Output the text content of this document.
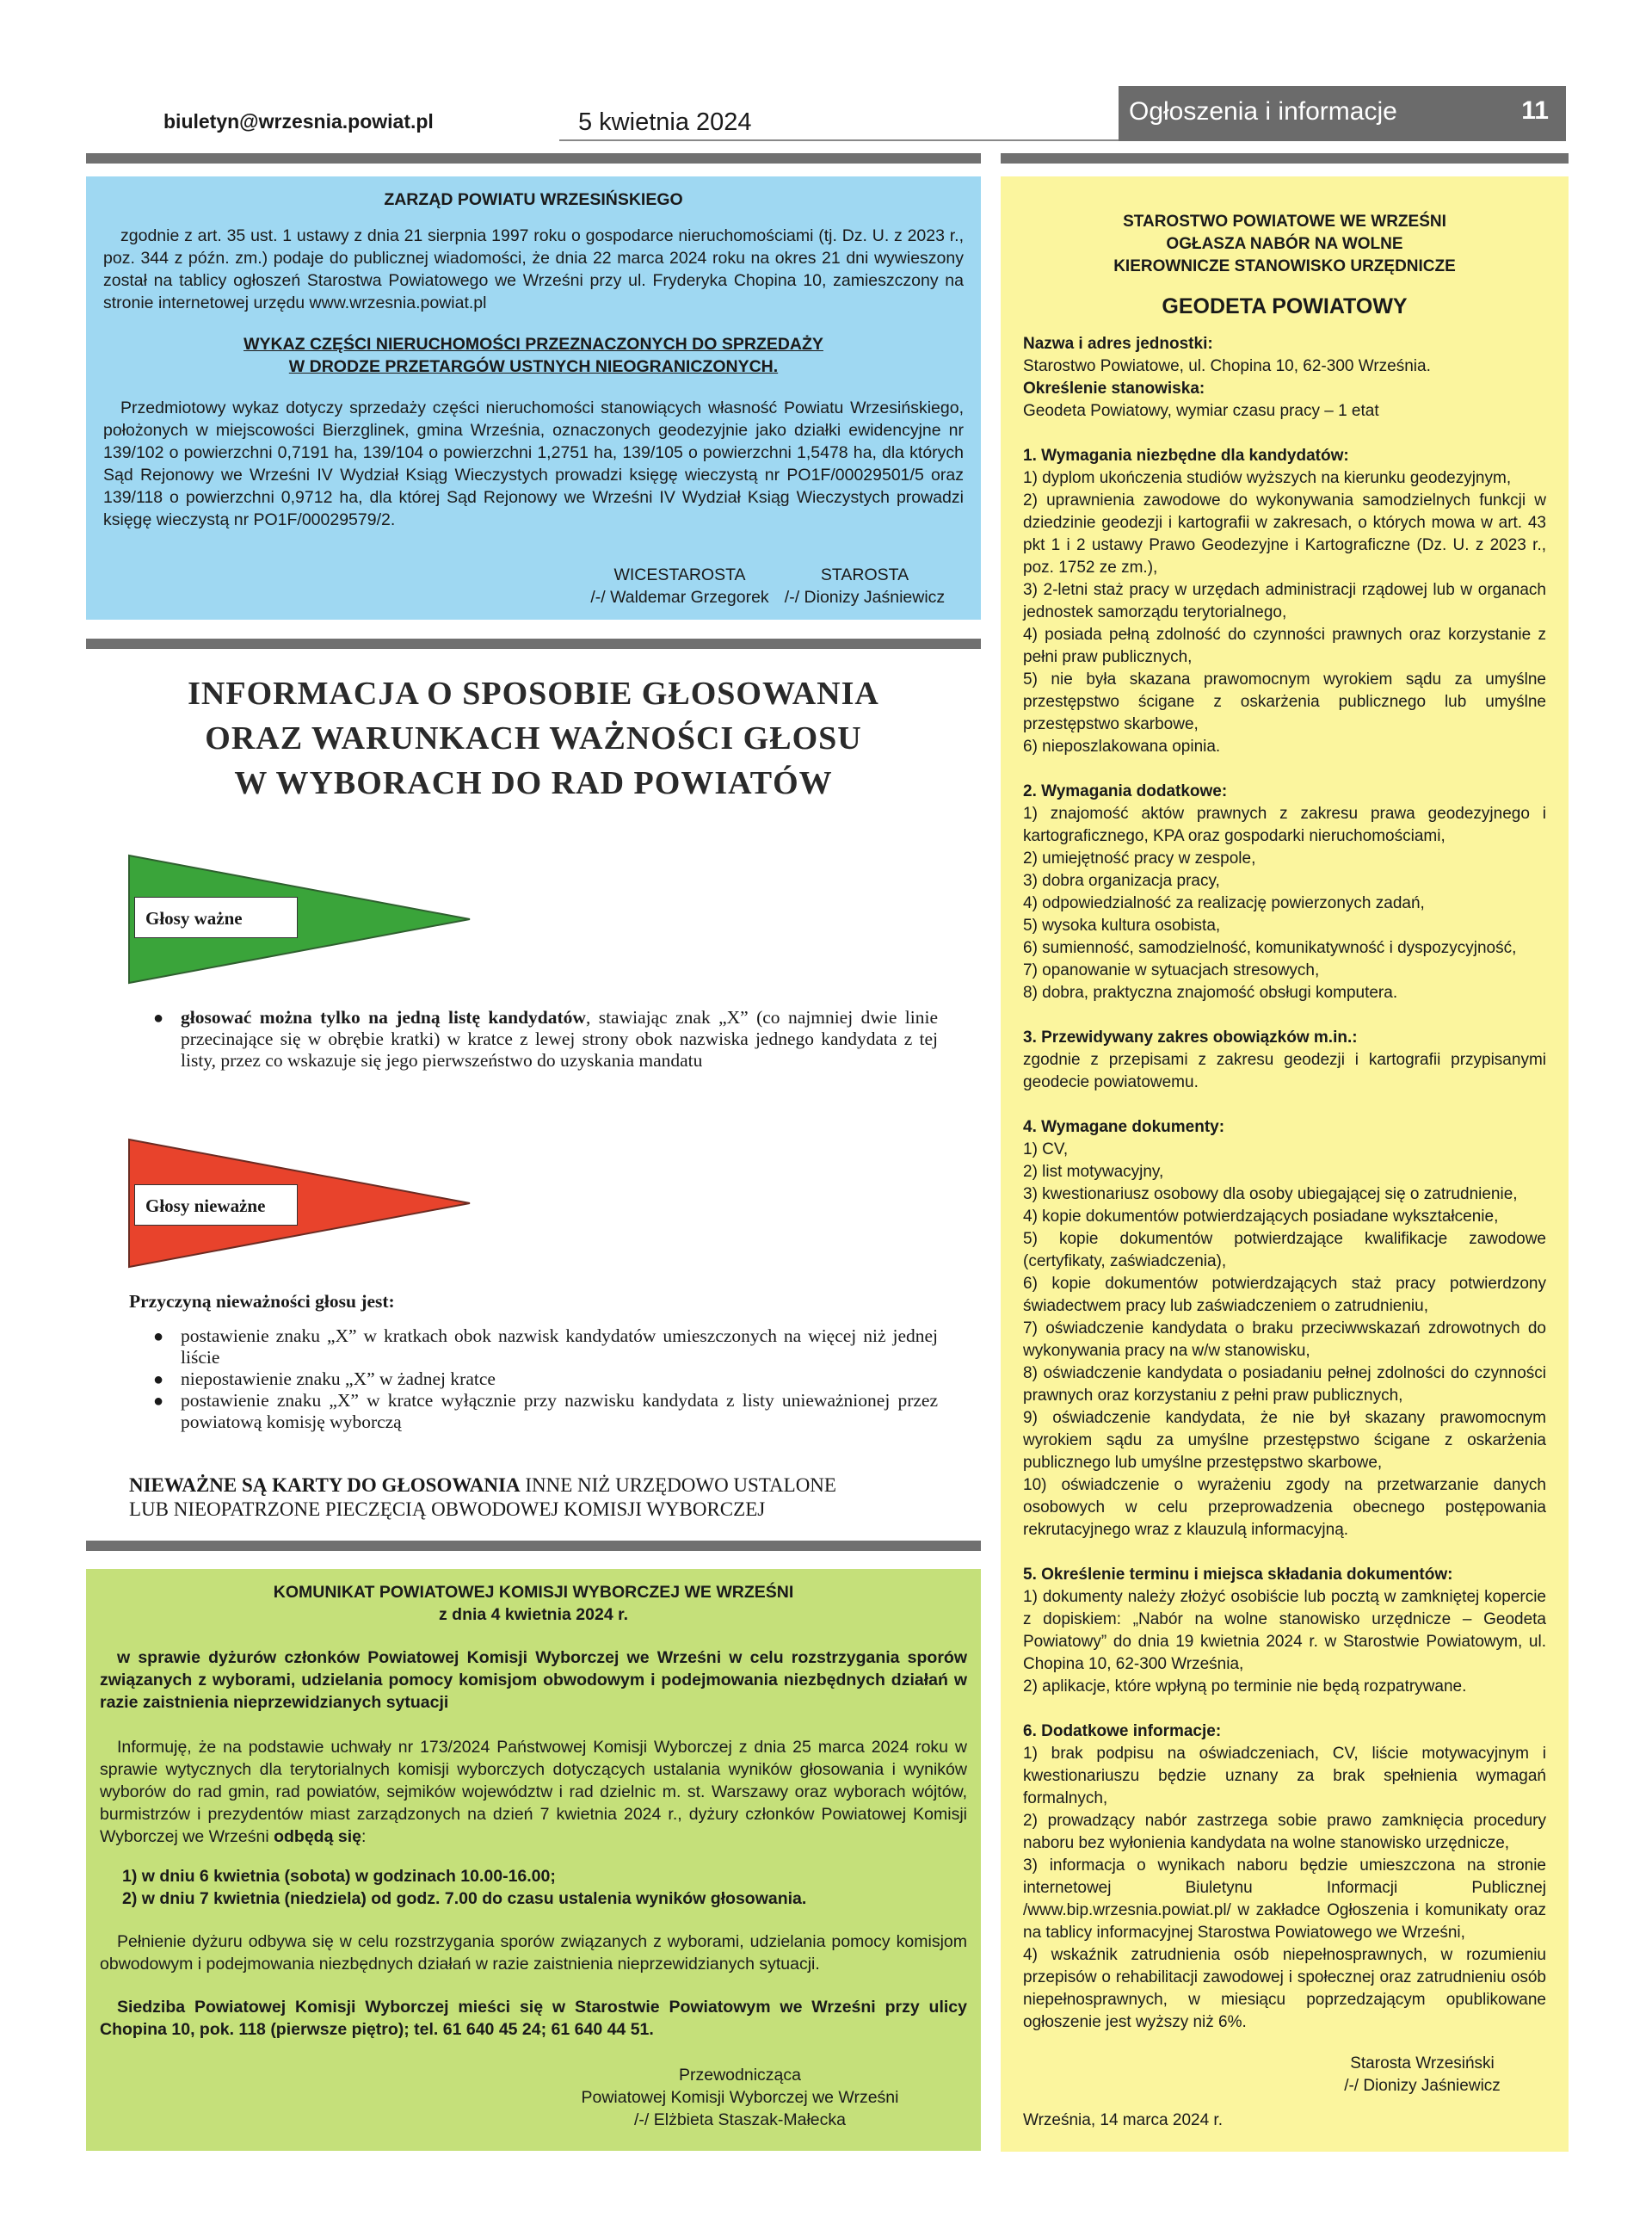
biuletyn@wrzesnia.powiat.pl	5 kwietnia 2024	Ogłoszenia i informacje	11

ZARZĄD POWIATU WRZESIŃSKIEGO

zgodnie z art. 35 ust. 1 ustawy z dnia 21 sierpnia 1997 roku o gospodarce nieruchomościami (tj. Dz. U. z 2023 r., poz. 344 z późn. zm.) podaje do publicznej wiadomości, że dnia 22 marca 2024 roku na okres 21 dni wywieszony został na tablicy ogłoszeń Starostwa Powiatowego we Wrześni przy ul. Fryderyka Chopina 10, zamieszczony na stronie internetowej urzędu www.wrzesnia.powiat.pl

WYKAZ CZĘŚCI NIERUCHOMOŚCI PRZEZNACZONYCH DO SPRZEDAŻY

W DRODZE PRZETARGÓW USTNYCH NIEOGRANICZONYCH.

Przedmiotowy wykaz dotyczy sprzedaży części nieruchomości stanowiących własność Powiatu Wrzesińskiego, położonych w miejscowości Bierzglinek, gmina Września, oznaczonych geodezyjnie jako działki ewidencyjne nr 139/102 o powierzchni 0,7191 ha, 139/104 o powierzchni 1,2751 ha, 139/105 o powierzchni 1,5478 ha, dla których Sąd Rejonowy we Wrześni IV Wydział Ksiąg Wieczystych prowadzi księgę wieczystą nr PO1F/00029501/5 oraz 139/118 o powierzchni 0,9712 ha, dla której Sąd Rejonowy we Wrześni IV Wydział Ksiąg Wieczystych prowadzi księgę wieczystą nr PO1F/00029579/2.

WICESTAROSTA

/-/ Waldemar Grzegorek

STAROSTA

/-/ Dionizy Jaśniewicz

INFORMACJA O SPOSOBIE GŁOSOWANIA
ORAZ WARUNKACH WAŻNOŚCI GŁOSU
W WYBORACH DO RAD POWIATÓW
Głosy ważne
● głosować można tylko na jedną listę kandydatów, stawiając znak „X” (co najmniej dwie linie przecinające się w obrębie kratki) w kratce z lewej strony obok nazwiska jednego kandydata z tej listy, przez co wskazuje się jego pierwszeństwo do uzyskania mandatu
Głosy nieważne
Przyczyną nieważności głosu jest:
● postawienie znaku „X” w kratkach obok nazwisk kandydatów umieszczonych na więcej niż jednej liście
● niepostawienie znaku „X” w żadnej kratce
● postawienie znaku „X” w kratce wyłącznie przy nazwisku kandydata z listy unieważnionej przez powiatową komisję wyborczą
NIEWAŻNE SĄ KARTY DO GŁOSOWANIA INNE NIŻ URZĘDOWO USTALONE
LUB NIEOPATRZONE PIECZĘCIĄ OBWODOWEJ KOMISJI WYBORCZEJ

KOMUNIKAT POWIATOWEJ KOMISJI WYBORCZEJ WE WRZEŚNI

z dnia 4 kwietnia 2024 r.

w sprawie dyżurów członków Powiatowej Komisji Wyborczej we Wrześni w celu rozstrzygania sporów związanych z wyborami, udzielania pomocy komisjom obwodowym i podejmowania niezbędnych działań w razie zaistnienia nieprzewidzianych sytuacji

Informuję, że na podstawie uchwały nr 173/2024 Państwowej Komisji Wyborczej z dnia 25 marca 2024 roku w sprawie wytycznych dla terytorialnych komisji wyborczych dotyczących ustalania wyników głosowania i wyników wyborów do rad gmin, rad powiatów, sejmików województw i rad dzielnic m. st. Warszawy oraz wyborach wójtów, burmistrzów i prezydentów miast zarządzonych na dzień 7 kwietnia 2024 r., dyżury członków Powiatowej Komisji Wyborczej we Wrześni odbędą się:

1) w dniu 6 kwietnia (sobota) w godzinach 10.00-16.00;

2) w dniu 7 kwietnia (niedziela) od godz. 7.00 do czasu ustalenia wyników głosowania.

Pełnienie dyżuru odbywa się w celu rozstrzygania sporów związanych z wyborami, udzielania pomocy komisjom obwodowym i podejmowania niezbędnych działań w razie zaistnienia nieprzewidzianych sytuacji.

Siedziba Powiatowej Komisji Wyborczej mieści się w Starostwie Powiatowym we Wrześni przy ulicy Chopina 10, pok. 118 (pierwsze piętro); tel. 61 640 45 24; 61 640 44 51.

Przewodnicząca

Powiatowej Komisji Wyborczej we Wrześni

/-/ Elżbieta Staszak-Małecka

STAROSTWO POWIATOWE WE WRZEŚNI

OGŁASZA NABÓR NA WOLNE

KIEROWNICZE STANOWISKO URZĘDNICZE

GEODETA POWIATOWY

Nazwa i adres jednostki:

Starostwo Powiatowe, ul. Chopina 10, 62-300 Września.

Określenie stanowiska:

Geodeta Powiatowy, wymiar czasu pracy – 1 etat

1. Wymagania niezbędne dla kandydatów:

1) dyplom ukończenia studiów wyższych na kierunku geodezyjnym,

2) uprawnienia zawodowe do wykonywania samodzielnych funkcji w dziedzinie geodezji i kartografii w zakresach, o których mowa w art. 43 pkt 1 i 2 ustawy Prawo Geodezyjne i Kartograficzne (Dz. U. z 2023 r., poz. 1752 ze zm.),

3) 2-letni staż pracy w urzędach administracji rządowej lub w organach jednostek samorządu terytorialnego,

4) posiada pełną zdolność do czynności prawnych oraz korzystanie z pełni praw publicznych,

5) nie była skazana prawomocnym wyrokiem sądu za umyślne przestępstwo ścigane z oskarżenia publicznego lub umyślne przestępstwo skarbowe,

6) nieposzlakowana opinia.

2. Wymagania dodatkowe:

1) znajomość aktów prawnych z zakresu prawa geodezyjnego i kartograficznego, KPA oraz gospodarki nieruchomościami,

2) umiejętność pracy w zespole,

3) dobra organizacja pracy,

4) odpowiedzialność za realizację powierzonych zadań,

5) wysoka kultura osobista,

6) sumienność, samodzielność, komunikatywność i dyspozycyjność,

7) opanowanie w sytuacjach stresowych,

8) dobra, praktyczna znajomość obsługi komputera.

3. Przewidywany zakres obowiązków m.in.:

zgodnie z przepisami z zakresu geodezji i kartografii przypisanymi geodecie powiatowemu.

4. Wymagane dokumenty:

1) CV,

2) list motywacyjny,

3) kwestionariusz osobowy dla osoby ubiegającej się o zatrudnienie,

4) kopie dokumentów potwierdzających posiadane wykształcenie,

5) kopie dokumentów potwierdzające kwalifikacje zawodowe (certyfikaty, zaświadczenia),

6) kopie dokumentów potwierdzających staż pracy potwierdzony świadectwem pracy lub zaświadczeniem o zatrudnieniu,

7) oświadczenie kandydata o braku przeciwwskazań zdrowotnych do wykonywania pracy na w/w stanowisku,

8) oświadczenie kandydata o posiadaniu pełnej zdolności do czynności prawnych oraz korzystaniu z pełni praw publicznych,

9) oświadczenie kandydata, że nie był skazany prawomocnym wyrokiem sądu za umyślne przestępstwo ścigane z oskarżenia publicznego lub umyślne przestępstwo skarbowe,

10) oświadczenie o wyrażeniu zgody na przetwarzanie danych osobowych w celu przeprowadzenia obecnego postępowania rekrutacyjnego wraz z klauzulą informacyjną.

5. Określenie terminu i miejsca składania dokumentów:

1) dokumenty należy złożyć osobiście lub pocztą w zamkniętej kopercie z dopiskiem: „Nabór na wolne stanowisko urzędnicze – Geodeta Powiatowy” do dnia 19 kwietnia 2024 r. w Starostwie Powiatowym, ul. Chopina 10, 62-300 Września,

2) aplikacje, które wpłyną po terminie nie będą rozpatrywane.

6. Dodatkowe informacje:

1) brak podpisu na oświadczeniach, CV, liście motywacyjnym i kwestionariuszu będzie uznany za brak spełnienia wymagań formalnych,

2) prowadzący nabór zastrzega sobie prawo zamknięcia procedury naboru bez wyłonienia kandydata na wolne stanowisko urzędnicze,

3) informacja o wynikach naboru będzie umieszczona na stronie internetowej Biuletynu Informacji Publicznej /www.bip.wrzesnia.powiat.pl/ w zakładce Ogłoszenia i komunikaty oraz na tablicy informacyjnej Starostwa Powiatowego we Wrześni,

4) wskaźnik zatrudnienia osób niepełnosprawnych, w rozumieniu przepisów o rehabilitacji zawodowej i społecznej oraz zatrudnieniu osób niepełnosprawnych, w miesiącu poprzedzającym opublikowane ogłoszenie jest wyższy niż 6%.

Starosta Wrzesiński

/-/ Dionizy Jaśniewicz

Września, 14 marca 2024 r.
